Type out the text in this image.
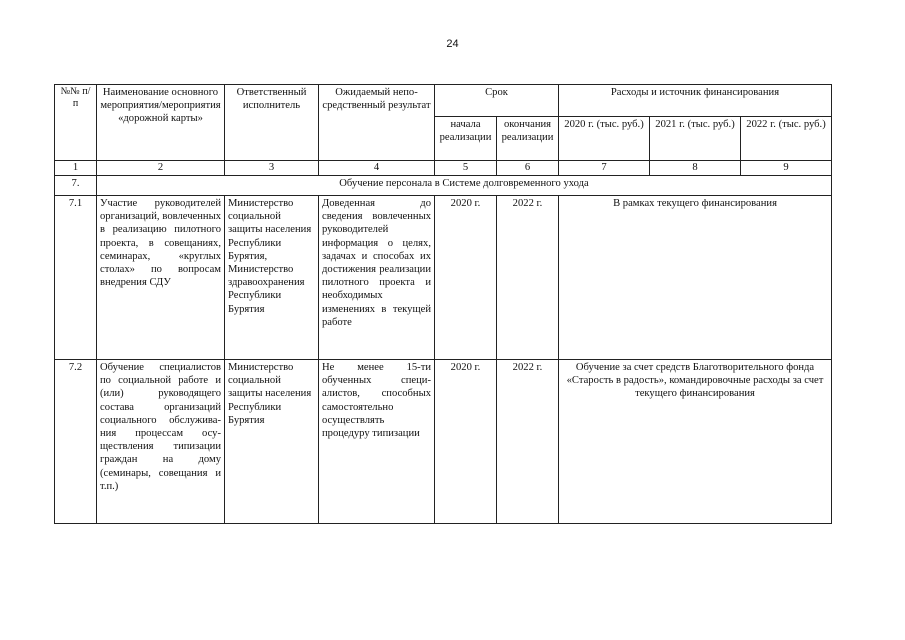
24
№№ п/п	Наименование основного мероприятия/мероприятия «дорожной карты»	Ответственный исполнитель	Ожидаемый непосредственный результат	Срок		Расходы и источник финансирования		
				начала реализации	окончания реализации	2020 г. (тыс. руб.)	2021 г. (тыс. руб.)	2022 г. (тыс. руб.)
1	2	3	4	5	6	7	8	9
7.	Обучение персонала в Системе долговременного ухода							
7.1	Участие руководителей организаций, вовлеченных в реализацию пилотного проекта, в совещаниях, семинарах, «круглых столах» по вопросам внедрения СДУ	Министерство социальной защиты населения Республики Бурятия, Министерство здравоохранения Республики Бурятия	Доведенная до сведения вовлеченных руководителей информация о целях, задачах и способах их достижения реализации пилотного проекта и необходимых изменениях в текущей работе	2020 г.	2022 г.	В рамках текущего финансирования		
7.2	Обучение специалистов по социальной работе и (или) руководящего состава организаций социального обслуживания процессам осуществления типизации граждан на дому (семинары, совещания и т.п.)	Министерство социальной защиты населения Республики Бурятия	Не менее 15-ти обученных специалистов, способных самостоятельно осуществлять процедуру типизации	2020 г.	2022 г.	Обучение за счет средств Благотворительного фонда «Старость в радость», командировочные расходы за счет текущего финансирования		
